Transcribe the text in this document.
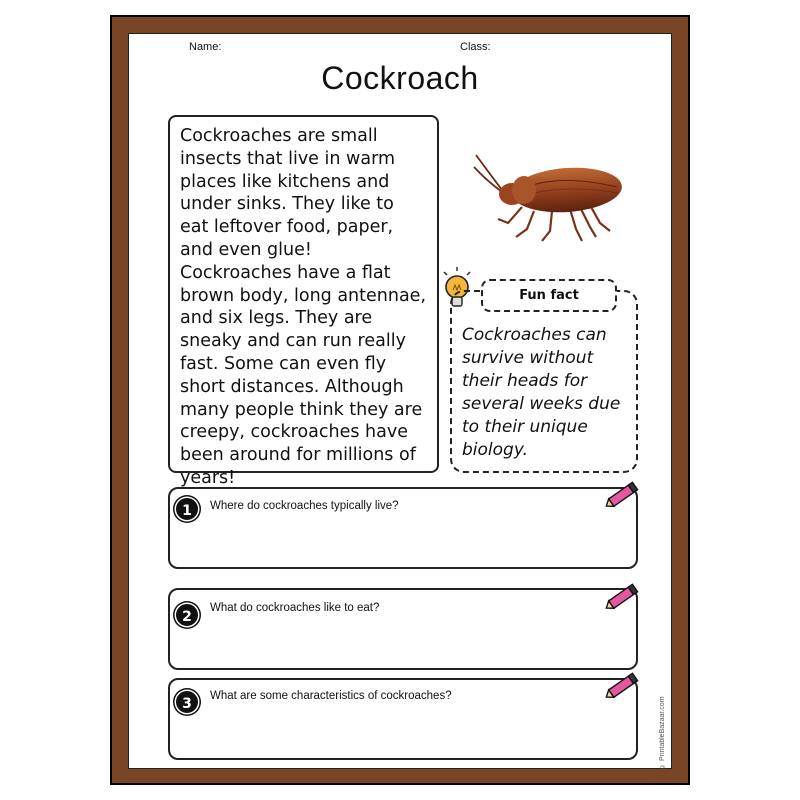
Name:	Class:
Cockroach
Cockroaches are small insects that live in warm places like kitchens and under sinks. They like to eat leftover food, paper, and even glue! Cockroaches have a flat brown body, long antennae, and six legs. They are sneaky and can run really fast. Some can even fly short distances. Although many people think they are creepy, cockroaches have been around for millions of years!
Cockroaches can survive without their heads for several weeks due to their unique biology.
Fun fact
1	Where do cockroaches typically live?
2
What do cockroaches like to eat?
3	What are some characteristics of cockroaches?
© PrintableBazaar.com
